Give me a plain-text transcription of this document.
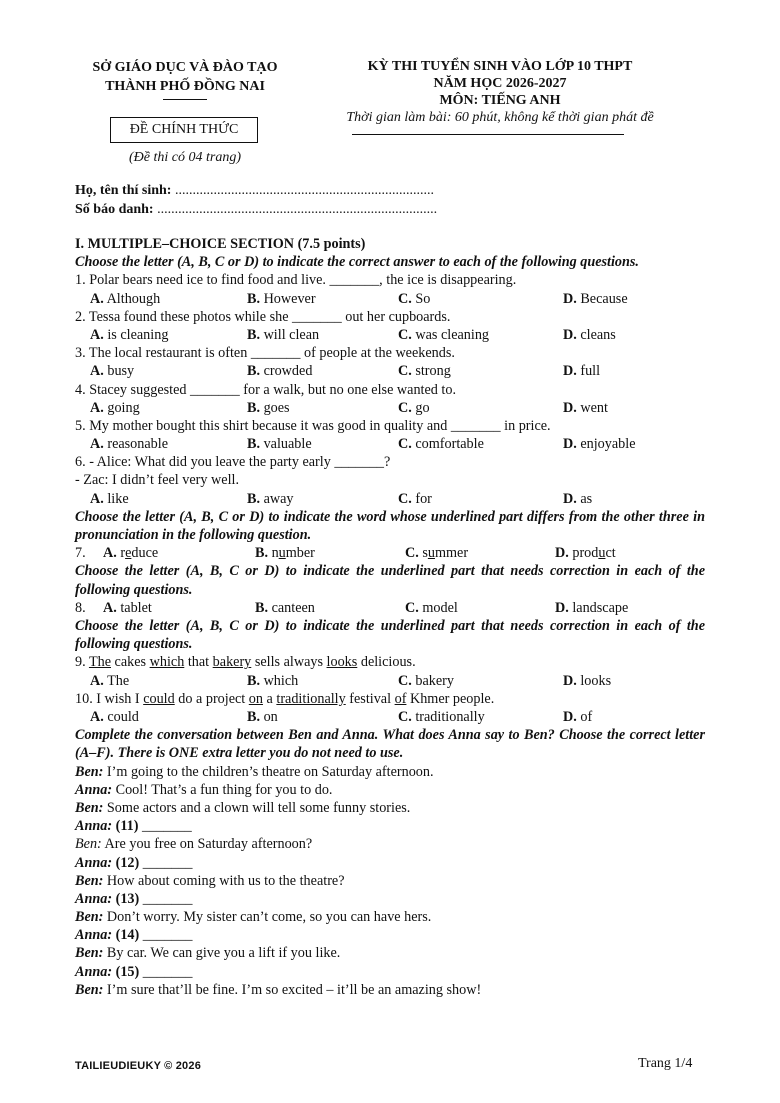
SỞ GIÁO DỤC VÀ ĐÀO TẠO
THÀNH PHỐ ĐỒNG NAI
ĐỀ CHÍNH THỨC
(Đề thi có 04 trang)
KỲ THI TUYỂN SINH VÀO LỚP 10 THPT
NĂM HỌC 2026-2027
MÔN: TIẾNG ANH
Thời gian làm bài: 60 phút, không kể thời gian phát đề
Họ, tên thí sinh: ..........................................................................
Số báo danh: ................................................................................
I. MULTIPLE–CHOICE SECTION (7.5 points)
Choose the letter (A, B, C or D) to indicate the correct answer to each of the following questions.
1. Polar bears need ice to find food and live. _______, the ice is disappearing.
A. Although	B. However	C. So	D. Because
2. Tessa found these photos while she _______ out her cupboards.
A. is cleaning	B. will clean	C. was cleaning	D. cleans
3. The local restaurant is often _______ of people at the weekends.
A. busy	B. crowded	C. strong	D. full
4. Stacey suggested _______ for a walk, but no one else wanted to.
A. going	B. goes	C. go	D. went
5. My mother bought this shirt because it was good in quality and _______ in price.
A. reasonable	B. valuable	C. comfortable	D. enjoyable
6. - Alice: What did you leave the party early _______?
- Zac: I didn’t feel very well.
A. like	B. away	C. for	D. as
Choose the letter (A, B, C or D) to indicate the word whose underlined part differs from the other three in pronunciation in the following question.
7. A. reduce	B. number	C. summer	D. product
Choose the letter (A, B, C or D) to indicate the underlined part that needs correction in each of the following questions.
8. A. tablet	B. canteen	C. model	D. landscape
Choose the letter (A, B, C or D) to indicate the underlined part that needs correction in each of the following questions.
9. The cakes which that bakery sells always looks delicious.
A. The	B. which	C. bakery	D. looks
10. I wish I could do a project on a traditionally festival of Khmer people.
A. could	B. on	C. traditionally	D. of
Complete the conversation between Ben and Anna. What does Anna say to Ben? Choose the correct letter (A–F). There is ONE extra letter you do not need to use.
Ben: I’m going to the children’s theatre on Saturday afternoon.
Anna: Cool! That’s a fun thing for you to do.
Ben: Some actors and a clown will tell some funny stories.
Anna: (11) _______
Ben: Are you free on Saturday afternoon?
Anna: (12) _______
Ben: How about coming with us to the theatre?
Anna: (13) _______
Ben: Don’t worry. My sister can’t come, so you can have hers.
Anna: (14) _______
Ben: By car. We can give you a lift if you like.
Anna: (15) _______
Ben: I’m sure that’ll be fine. I’m so excited – it’ll be an amazing show!
TAILIEUDIEUKY © 2026	Trang 1/4
